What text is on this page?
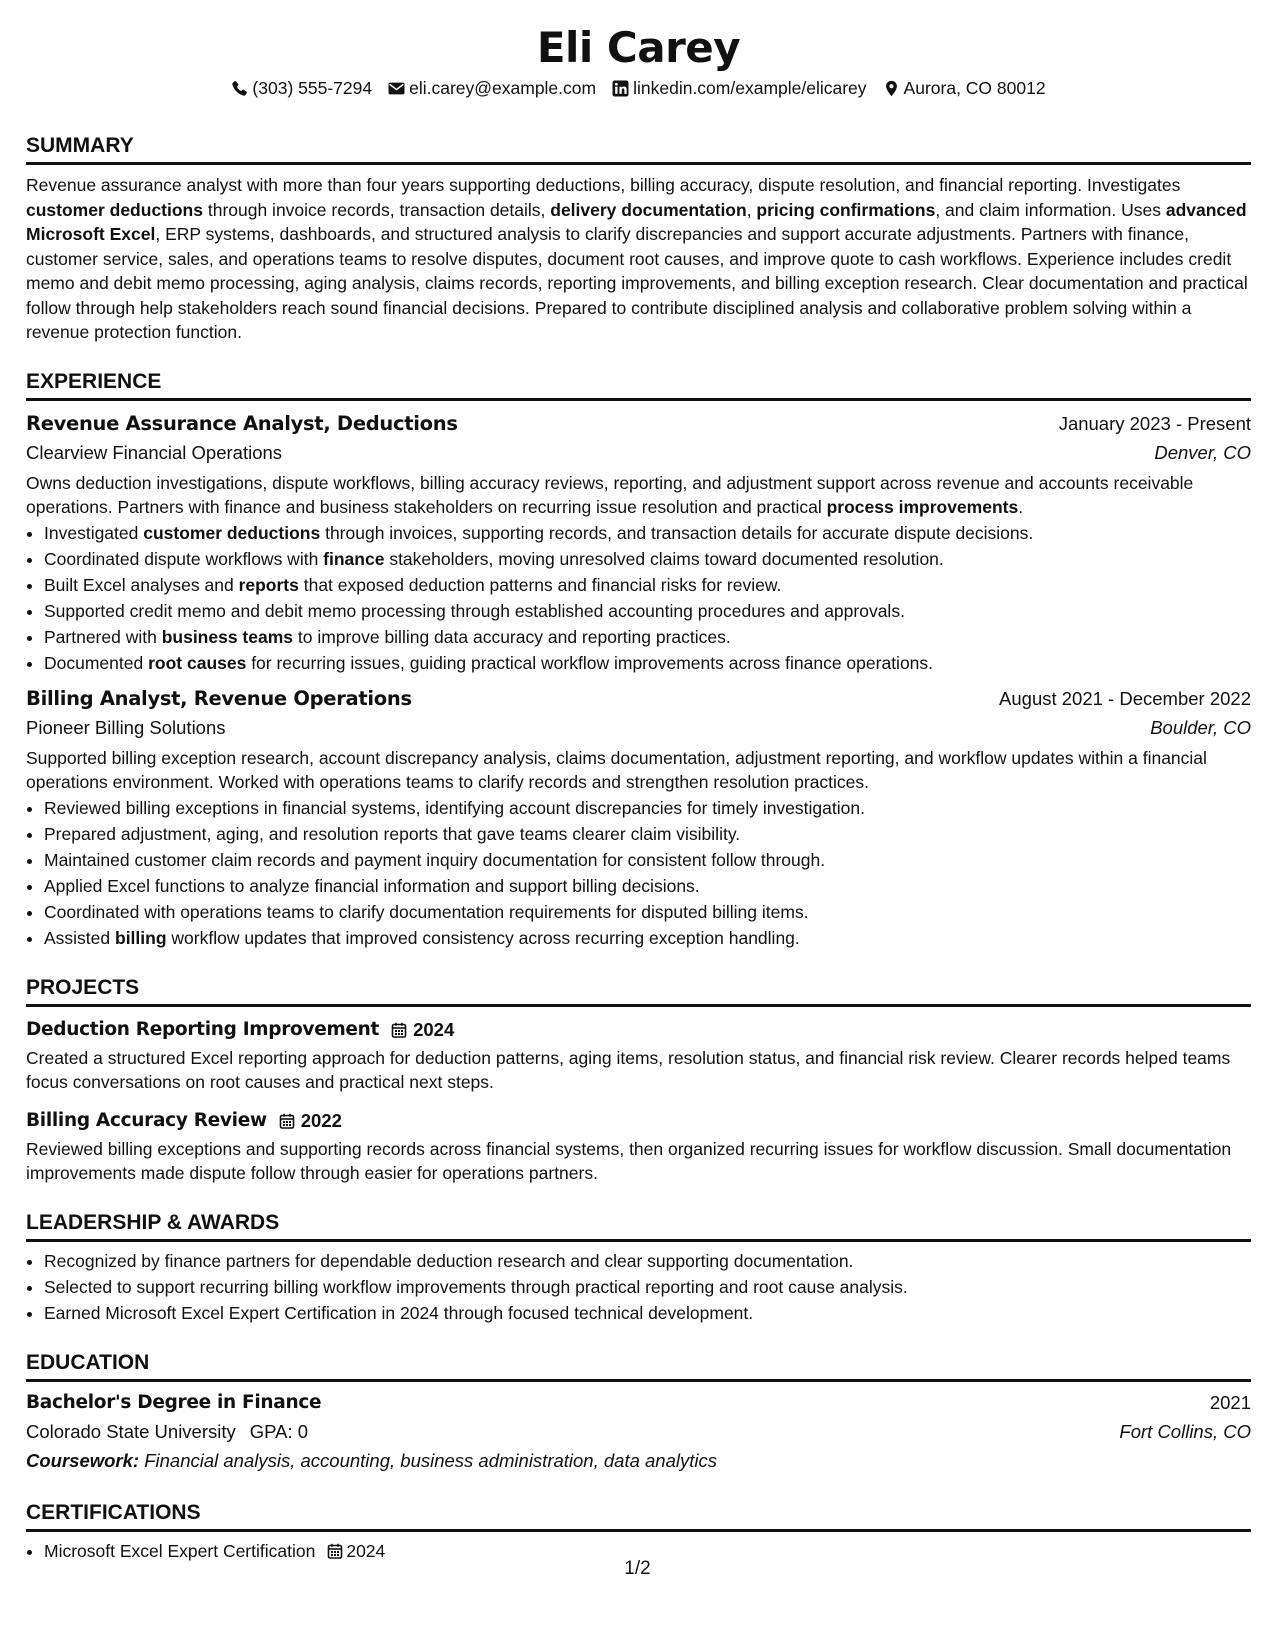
Eli Carey
(303) 555-7294 eli.carey@example.com linkedin.com/example/elicarey Aurora, CO 80012
SUMMARY

Revenue assurance analyst with more than four years supporting deductions, billing accuracy, dispute resolution, and financial reporting. Investigates customer deductions through invoice records, transaction details, delivery documentation, pricing confirmations, and claim information. Uses advanced Microsoft Excel, ERP systems, dashboards, and structured analysis to clarify discrepancies and support accurate adjustments. Partners with finance, customer service, sales, and operations teams to resolve disputes, document root causes, and improve quote to cash workflows. Experience includes credit memo and debit memo processing, aging analysis, claims records, reporting improvements, and billing exception research. Clear documentation and practical follow through help stakeholders reach sound financial decisions. Prepared to contribute disciplined analysis and collaborative problem solving within a revenue protection function.

EXPERIENCE
Revenue Assurance Analyst, Deductions	January 2023 - Present
Clearview Financial Operations	Denver, CO

Owns deduction investigations, dispute workflows, billing accuracy reviews, reporting, and adjustment support across revenue and accounts receivable operations. Partners with finance and business stakeholders on recurring issue resolution and practical process improvements.

• Investigated customer deductions through invoices, supporting records, and transaction details for accurate dispute decisions.
• Coordinated dispute workflows with finance stakeholders, moving unresolved claims toward documented resolution.
• Built Excel analyses and reports that exposed deduction patterns and financial risks for review.
• Supported credit memo and debit memo processing through established accounting procedures and approvals.
• Partnered with business teams to improve billing data accuracy and reporting practices.
• Documented root causes for recurring issues, guiding practical workflow improvements across finance operations.
Billing Analyst, Revenue Operations	August 2021 - December 2022
Pioneer Billing Solutions	Boulder, CO

Supported billing exception research, account discrepancy analysis, claims documentation, adjustment reporting, and workflow updates within a financial operations environment. Worked with operations teams to clarify records and strengthen resolution practices.

• Reviewed billing exceptions in financial systems, identifying account discrepancies for timely investigation.
• Prepared adjustment, aging, and resolution reports that gave teams clearer claim visibility.
• Maintained customer claim records and payment inquiry documentation for consistent follow through.
• Applied Excel functions to analyze financial information and support billing decisions.
• Coordinated with operations teams to clarify documentation requirements for disputed billing items.
• Assisted billing workflow updates that improved consistency across recurring exception handling.
PROJECTS
Deduction Reporting Improvement 2024

Created a structured Excel reporting approach for deduction patterns, aging items, resolution status, and financial risk review. Clearer records helped teams focus conversations on root causes and practical next steps.

Billing Accuracy Review 2022

Reviewed billing exceptions and supporting records across financial systems, then organized recurring issues for workflow discussion. Small documentation improvements made dispute follow through easier for operations partners.

LEADERSHIP & AWARDS
• Recognized by finance partners for dependable deduction research and clear supporting documentation.
• Selected to support recurring billing workflow improvements through practical reporting and root cause analysis.
• Earned Microsoft Excel Expert Certification in 2024 through focused technical development.
EDUCATION
Bachelor's Degree in Finance	2021
Colorado State University GPA: 0	Fort Collins, CO
Coursework: Financial analysis, accounting, business administration, data analytics
CERTIFICATIONS
• Microsoft Excel Expert Certification 2024
1/2
